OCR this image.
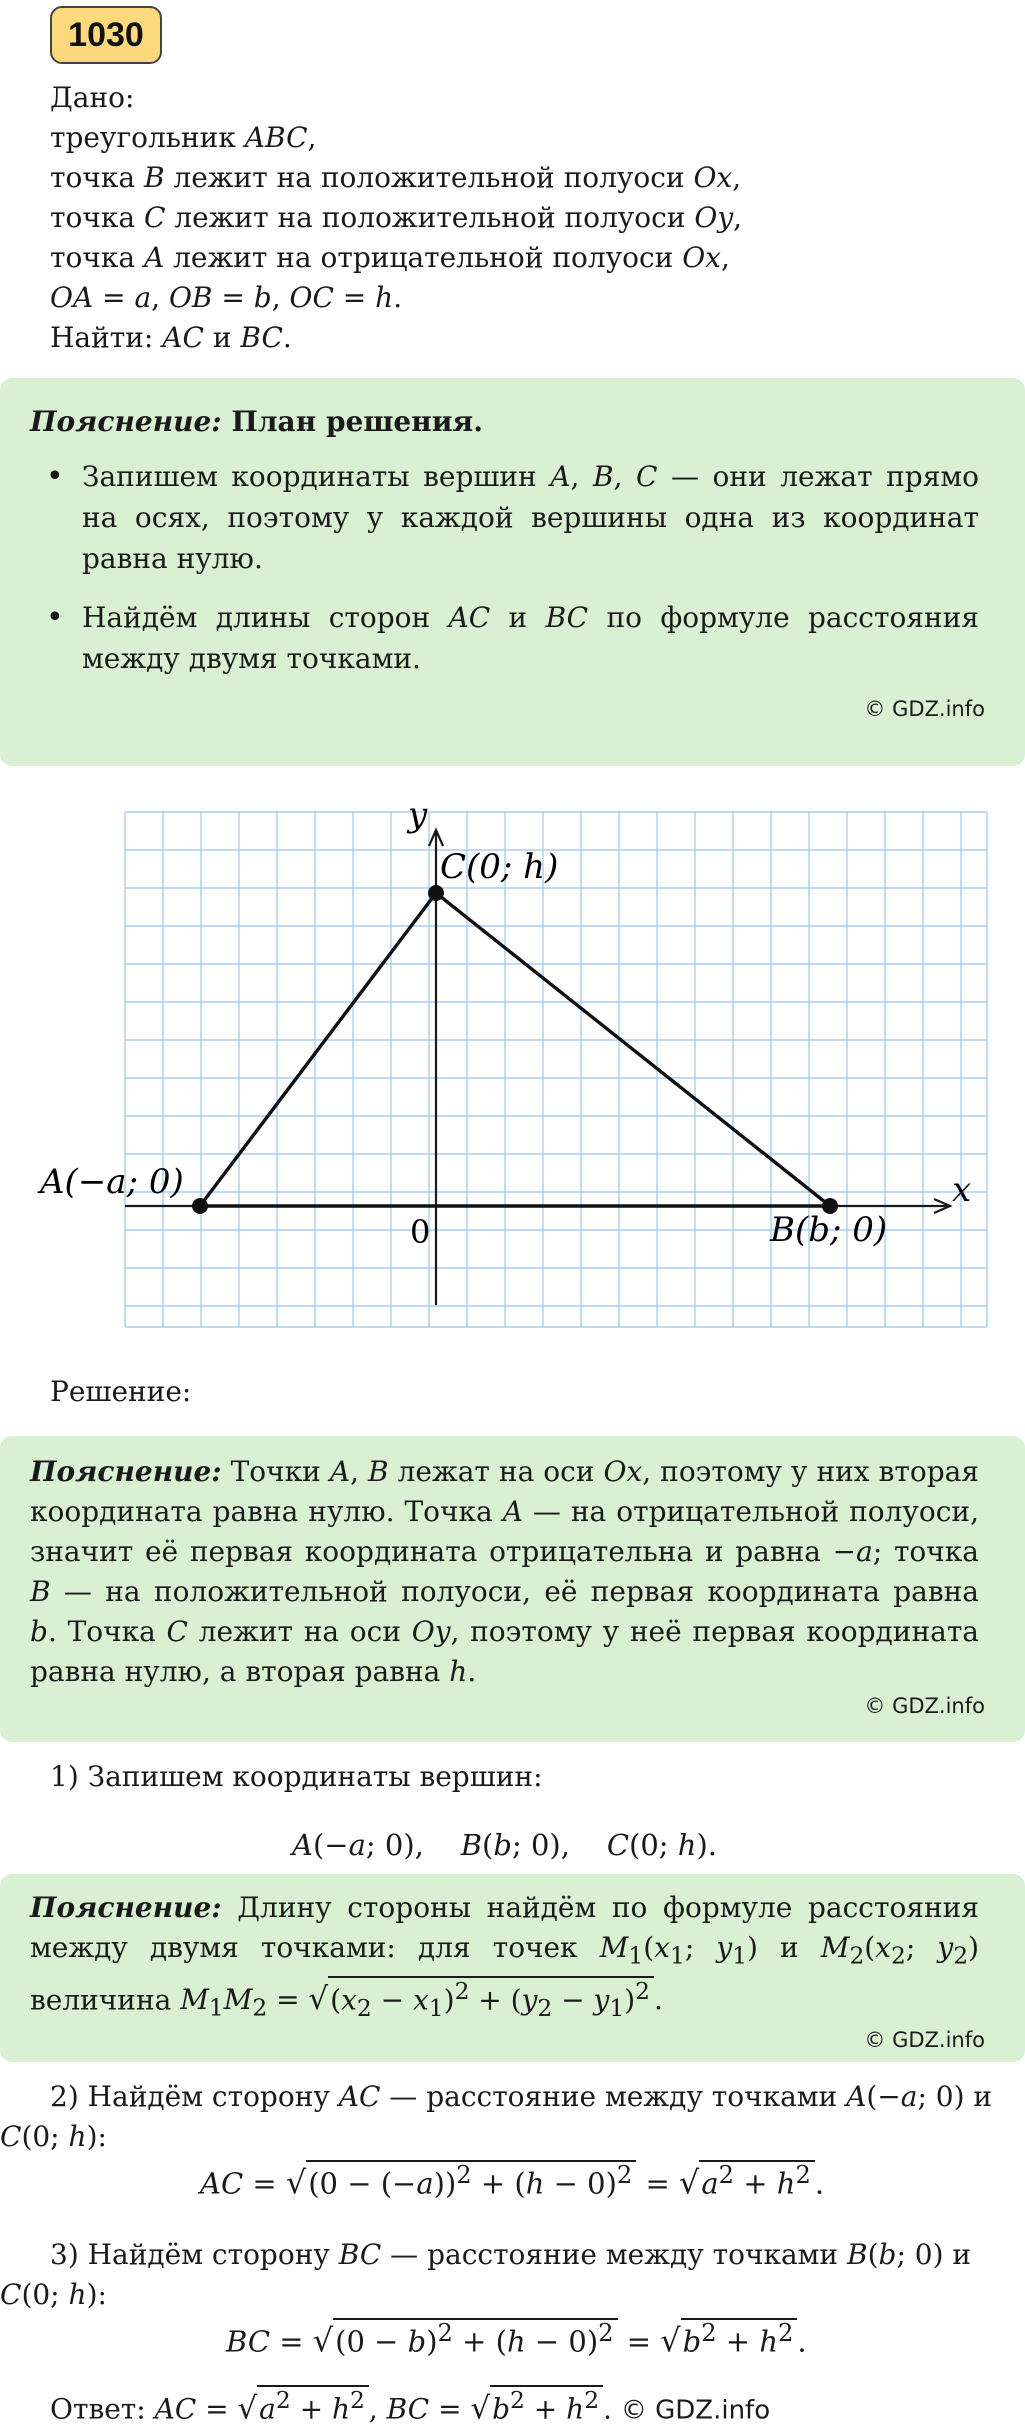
1030
Дано:
треугольник ABC,
точка B лежит на положительной полуоси Ox,
точка C лежит на положительной полуоси Oy,
точка A лежит на отрицательной полуоси Ox,
OA = a, OB = b, OC = h.
Найти: AC и BC.
Пояснение: План решения.
• Запишем координаты вершин A, B, C — они лежат прямо на осях, поэтому у каждой вершины одна из координат равна нулю.
• Найдём длины сторон AC и BC по формуле расстояния между двумя точками.
© GDZ.info
x
y
0
A(−a; 0)
B(b; 0)
C(0; h)
Решение:
Пояснение: Точки A, B лежат на оси Ox, поэтому у них вторая координата равна нулю. Точка A — на отрицательной полуоси, значит её первая координата отрицательна и равна −a; точка B — на положительной полуоси, её первая координата равна b. Точка C лежит на оси Oy, поэтому у неё первая координата равна нулю, а вторая равна h.
© GDZ.info
1) Запишем координаты вершин:
A(−a; 0),    B(b; 0),    C(0; h).
Пояснение: Длину стороны найдём по формуле расстояния между двумя точками: для точек $M_1(x_1$; $y_1$) и $M_2(x_2$; $y_2$) величина $M_1M_2 = √(x_2 - x_1)^2 + (y_2 - y_1)^2$ .
© GDZ.info
2) Найдём сторону AC — расстояние между точками A(−a; 0) и
C(0; h):
AC = $√(0 - (-a))^2 + (h - 0)^2 = √a^2 + h^2$ .
3) Найдём сторону BC — расстояние между точками B(b; 0) и
C(0; h):
BC = $√(0 - b)^2 + (h - 0)^2 = √b^2 + h^2$ .
Ответ: AC = $√a^2 + h^2$ , BC = $√b^2 + h^2$ . © GDZ.info
